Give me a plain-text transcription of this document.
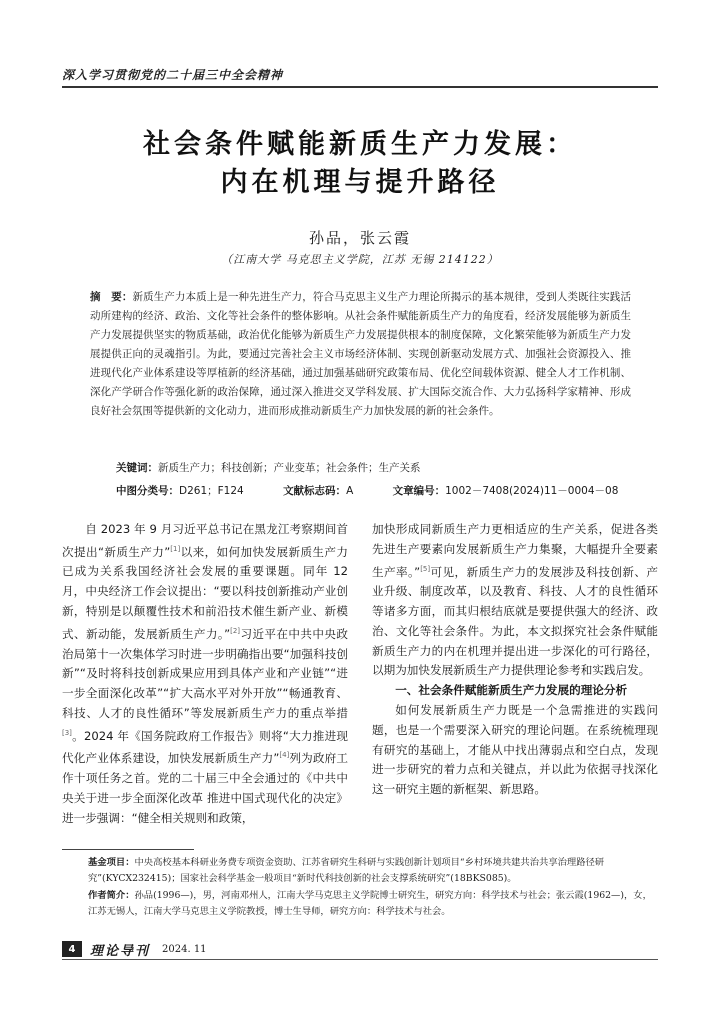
深入学习贯彻党的二十届三中全会精神
社会条件赋能新质生产力发展：
内在机理与提升路径
孙品，张云霞
（江南大学 马克思主义学院，江苏 无锡 214122）
摘　要：新质生产力本质上是一种先进生产力，符合马克思主义生产力理论所揭示的基本规律，受到人类既往实践活动所建构的经济、政治、文化等社会条件的整体影响。从社会条件赋能新质生产力的角度看，经济发展能够为新质生产力发展提供坚实的物质基础，政治优化能够为新质生产力发展提供根本的制度保障，文化繁荣能够为新质生产力发展提供正向的灵魂指引。为此，要通过完善社会主义市场经济体制、实现创新驱动发展方式、加强社会资源投入、推进现代化产业体系建设等厚植新的经济基础，通过加强基础研究政策布局、优化空间载体资源、健全人才工作机制、深化产学研合作等强化新的政治保障，通过深入推进交叉学科发展、扩大国际交流合作、大力弘扬科学家精神、形成良好社会氛围等提供新的文化动力，进而形成推动新质生产力加快发展的新的社会条件。
关键词：新质生产力；科技创新；产业变革；社会条件；生产关系
中图分类号：D261；F124	文献标志码：A	文章编号：1002－7408(2024)11－0004－08

自 2023 年 9 月习近平总书记在黑龙江考察期间首次提出“新质生产力”[1]以来，如何加快发展新质生产力已成为关系我国经济社会发展的重要课题。同年 12 月，中央经济工作会议提出：“要以科技创新推动产业创新，特别是以颠覆性技术和前沿技术催生新产业、新模式、新动能，发展新质生产力。”[2]习近平在中共中央政治局第十一次集体学习时进一步明确指出要“加强科技创新”“及时将科技创新成果应用到具体产业和产业链”“进一步全面深化改革”“扩大高水平对外开放”“畅通教育、科技、人才的良性循环”等发展新质生产力的重点举措[3]。2024 年《国务院政府工作报告》则将“大力推进现代化产业体系建设，加快发展新质生产力”[4]列为政府工作十项任务之首。党的二十届三中全会通过的《中共中央关于进一步全面深化改革 推进中国式现代化的决定》进一步强调：“健全相关规则和政策，

加快形成同新质生产力更相适应的生产关系，促进各类先进生产要素向发展新质生产力集聚，大幅提升全要素生产率。”[5]可见，新质生产力的发展涉及科技创新、产业升级、制度改革，以及教育、科技、人才的良性循环等诸多方面，而其归根结底就是要提供强大的经济、政治、文化等社会条件。为此，本文拟探究社会条件赋能新质生产力的内在机理并提出进一步深化的可行路径，以期为加快发展新质生产力提供理论参考和实践启发。

一、社会条件赋能新质生产力发展的理论分析

如何发展新质生产力既是一个急需推进的实践问题，也是一个需要深入研究的理论问题。在系统梳理现有研究的基础上，才能从中找出薄弱点和空白点，发现进一步研究的着力点和关键点，并以此为依据寻找深化这一研究主题的新框架、新思路。

基金项目：中央高校基本科研业务费专项资金资助、江苏省研究生科研与实践创新计划项目“乡村环境共建共治共享治理路径研究”(KYCX232415)；国家社会科学基金一般项目“新时代科技创新的社会支撑系统研究”(18BKS085)。
作者简介：孙品(1996—)，男，河南邓州人，江南大学马克思主义学院博士研究生，研究方向：科学技术与社会；张云霞(1962—)，女，江苏无锡人，江南大学马克思主义学院教授，博士生导师，研究方向：科学技术与社会。
4	理论导刊 2024. 11
